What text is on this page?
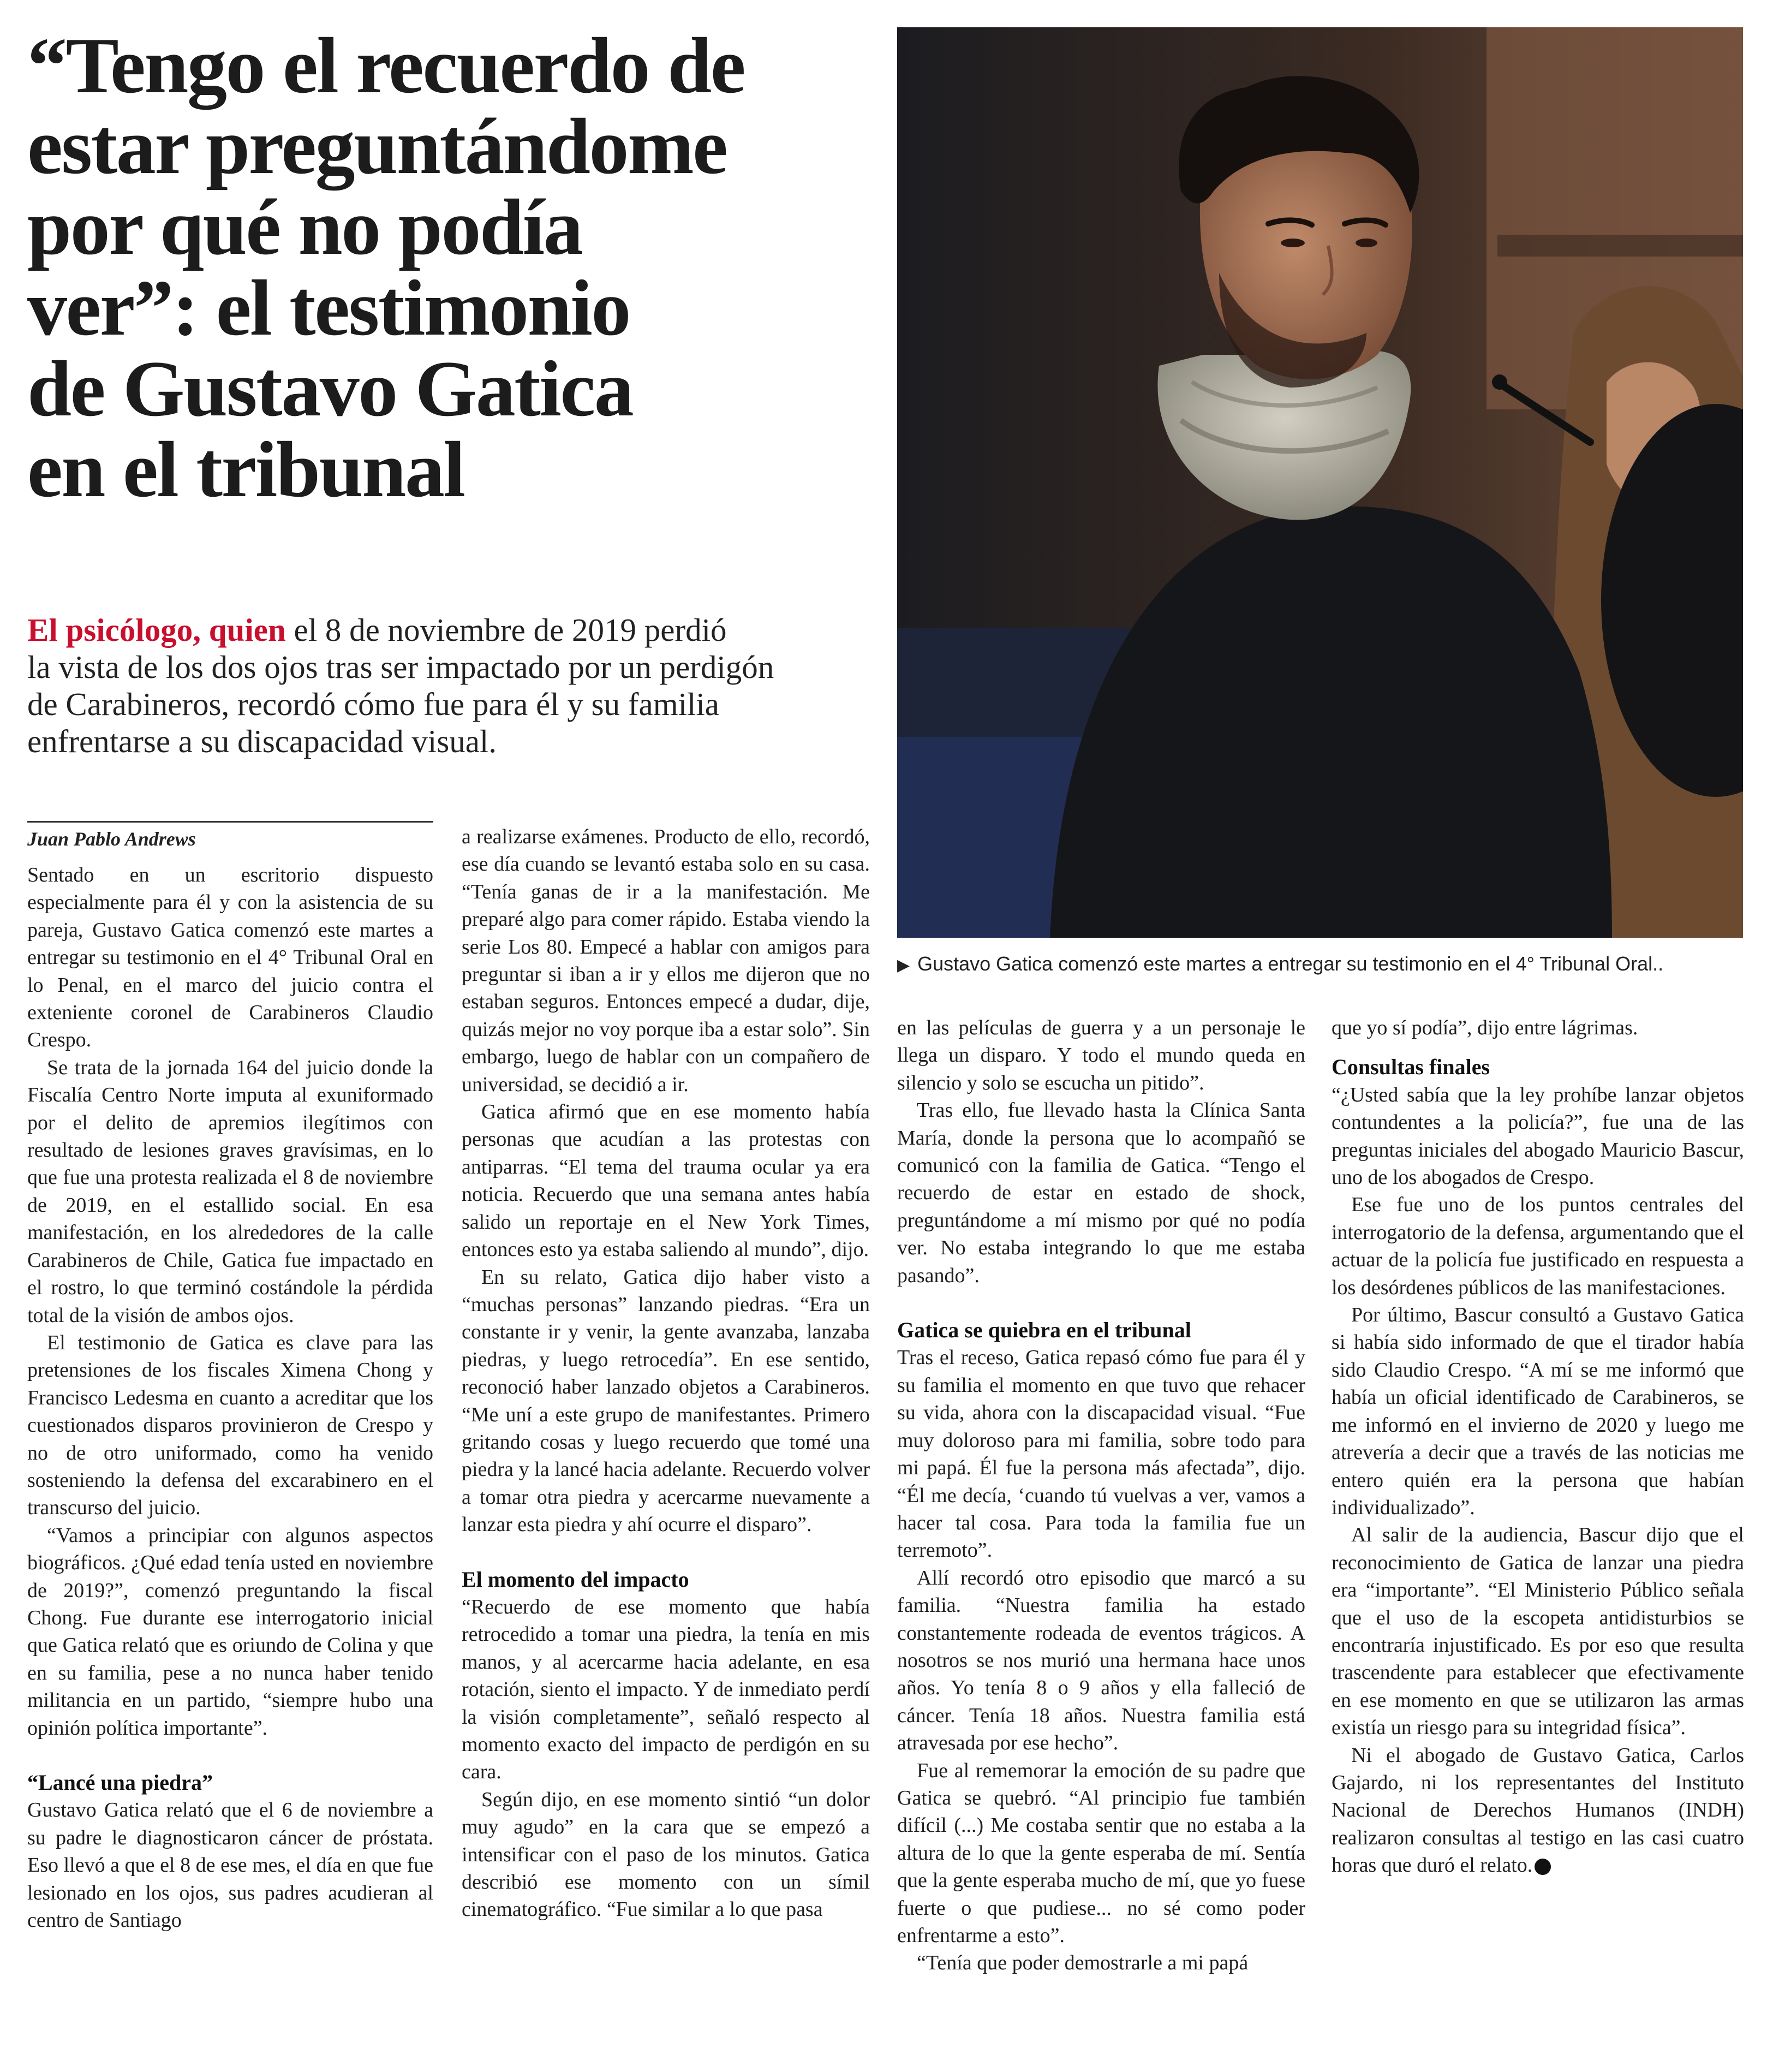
“Tengo el recuerdo de
estar preguntándome
por qué no podía
ver”: el testimonio
de Gustavo Gatica
en el tribunal
El psicólogo, quien el 8 de noviembre de 2019 perdió
la vista de los dos ojos tras ser impactado por un perdigón
de Carabineros, recordó cómo fue para él y su familia
enfrentarse a su discapacidad visual.
▶ Gustavo Gatica comenzó este martes a entregar su testimonio en el 4° Tribunal Oral..
Juan Pablo Andrews

Sentado en un escritorio dispuesto especialmente para él y con la asistencia de su pareja, Gustavo Gatica comenzó este martes a entregar su testimonio en el 4° Tribunal Oral en lo Penal, en el marco del juicio contra el exteniente coronel de Carabineros Claudio Crespo.

Se trata de la jornada 164 del juicio donde la Fiscalía Centro Norte imputa al exuniformado por el delito de apremios ilegítimos con resultado de lesiones graves gravísimas, en lo que fue una protesta realizada el 8 de noviembre de 2019, en el estallido social. En esa manifestación, en los alrededores de la calle Carabineros de Chile, Gatica fue impactado en el rostro, lo que terminó costándole la pérdida total de la visión de ambos ojos.

El testimonio de Gatica es clave para las pretensiones de los fiscales Ximena Chong y Francisco Ledesma en cuanto a acreditar que los cuestionados disparos provinieron de Crespo y no de otro uniformado, como ha venido sosteniendo la defensa del excarabinero en el transcurso del juicio.

“Vamos a principiar con algunos aspectos biográficos. ¿Qué edad tenía usted en noviembre de 2019?”, comenzó preguntando la fiscal Chong. Fue durante ese interrogatorio inicial que Gatica relató que es oriundo de Colina y que en su familia, pese a no nunca haber tenido militancia en un partido, “siempre hubo una opinión política importante”.

“Lancé una piedra”

Gustavo Gatica relató que el 6 de noviembre a su padre le diagnosticaron cáncer de próstata. Eso llevó a que el 8 de ese mes, el día en que fue lesionado en los ojos, sus padres acudieran al centro de Santiago

a realizarse exámenes. Producto de ello, recordó, ese día cuando se levantó estaba solo en su casa. “Tenía ganas de ir a la manifestación. Me preparé algo para comer rápido. Estaba viendo la serie Los 80. Empecé a hablar con amigos para preguntar si iban a ir y ellos me dijeron que no estaban seguros. Entonces empecé a dudar, dije, quizás mejor no voy porque iba a estar solo”. Sin embargo, luego de hablar con un compañero de universidad, se decidió a ir.

Gatica afirmó que en ese momento había personas que acudían a las protestas con antiparras. “El tema del trauma ocular ya era noticia. Recuerdo que una semana antes había salido un reportaje en el New York Times, entonces esto ya estaba saliendo al mundo”, dijo.

En su relato, Gatica dijo haber visto a “muchas personas” lanzando piedras. “Era un constante ir y venir, la gente avanzaba, lanzaba piedras, y luego retrocedía”. En ese sentido, reconoció haber lanzado objetos a Carabineros. “Me uní a este grupo de manifestantes. Primero gritando cosas y luego recuerdo que tomé una piedra y la lancé hacia adelante. Recuerdo volver a tomar otra piedra y acercarme nuevamente a lanzar esta piedra y ahí ocurre el disparo”.

El momento del impacto

“Recuerdo de ese momento que había retrocedido a tomar una piedra, la tenía en mis manos, y al acercarme hacia adelante, en esa rotación, siento el impacto. Y de inmediato perdí la visión completamente”, señaló respecto al momento exacto del impacto de perdigón en su cara.

Según dijo, en ese momento sintió “un dolor muy agudo” en la cara que se empezó a intensificar con el paso de los minutos. Gatica describió ese momento con un símil cinematográfico. “Fue similar a lo que pasa

en las películas de guerra y a un personaje le llega un disparo. Y todo el mundo queda en silencio y solo se escucha un pitido”.

Tras ello, fue llevado hasta la Clínica Santa María, donde la persona que lo acompañó se comunicó con la familia de Gatica. “Tengo el recuerdo de estar en estado de shock, preguntándome a mí mismo por qué no podía ver. No estaba integrando lo que me estaba pasando”.

Gatica se quiebra en el tribunal

Tras el receso, Gatica repasó cómo fue para él y su familia el momento en que tuvo que rehacer su vida, ahora con la discapacidad visual. “Fue muy doloroso para mi familia, sobre todo para mi papá. Él fue la persona más afectada”, dijo. “Él me decía, ‘cuando tú vuelvas a ver, vamos a hacer tal cosa. Para toda la familia fue un terremoto”.

Allí recordó otro episodio que marcó a su familia. “Nuestra familia ha estado constantemente rodeada de eventos trágicos. A nosotros se nos murió una hermana hace unos años. Yo tenía 8 o 9 años y ella falleció de cáncer. Tenía 18 años. Nuestra familia está atravesada por ese hecho”.

Fue al rememorar la emoción de su padre que Gatica se quebró. “Al principio fue también difícil (...) Me costaba sentir que no estaba a la altura de lo que la gente esperaba de mí. Sentía que la gente esperaba mucho de mí, que yo fuese fuerte o que pudiese... no sé como poder enfrentarme a esto”.

“Tenía que poder demostrarle a mi papá

que yo sí podía”, dijo entre lágrimas.

Consultas finales

“¿Usted sabía que la ley prohíbe lanzar objetos contundentes a la policía?”, fue una de las preguntas iniciales del abogado Mauricio Bascur, uno de los abogados de Crespo.

Ese fue uno de los puntos centrales del interrogatorio de la defensa, argumentando que el actuar de la policía fue justificado en respuesta a los desórdenes públicos de las manifestaciones.

Por último, Bascur consultó a Gustavo Gatica si había sido informado de que el tirador había sido Claudio Crespo. “A mí se me informó que había un oficial identificado de Carabineros, se me informó en el invierno de 2020 y luego me atrevería a decir que a través de las noticias me entero quién era la persona que habían individualizado”.

Al salir de la audiencia, Bascur dijo que el reconocimiento de Gatica de lanzar una piedra era “importante”. “El Ministerio Público señala que el uso de la escopeta antidisturbios se encontraría injustificado. Es por eso que resulta trascendente para establecer que efectivamente en ese momento en que se utilizaron las armas existía un riesgo para su integridad física”.

Ni el abogado de Gustavo Gatica, Carlos Gajardo, ni los representantes del Instituto Nacional de Derechos Humanos (INDH) realizaron consultas al testigo en las casi cuatro horas que duró el relato.
